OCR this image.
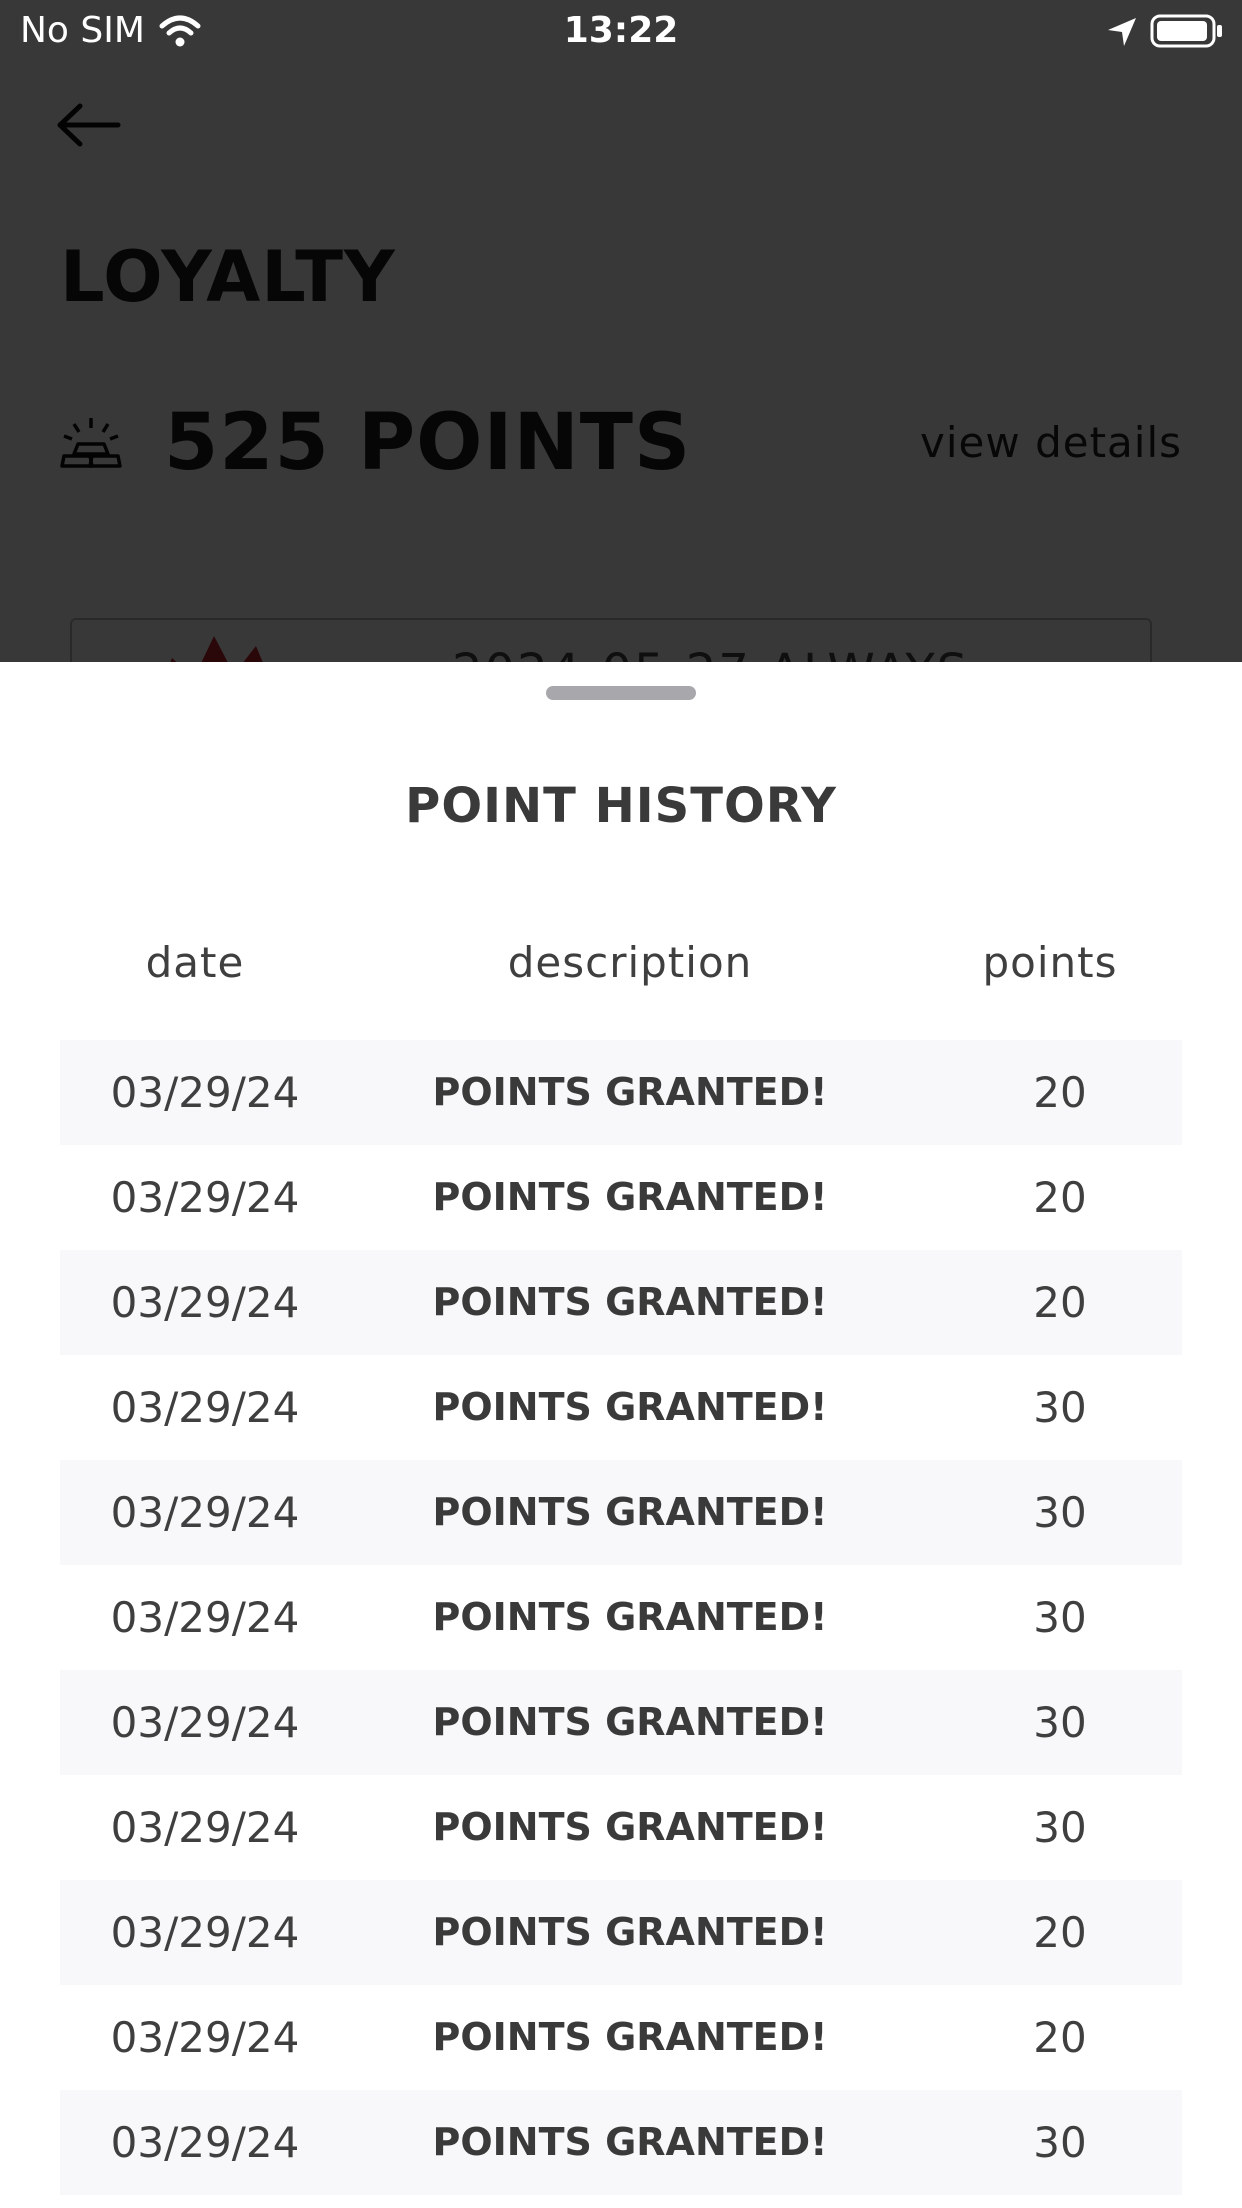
No SIM	13:22
POINT HISTORY
date	description	points
03/29/24	POINTS GRANTED!	20
03/29/24	POINTS GRANTED!	20
03/29/24	POINTS GRANTED!	20
03/29/24	POINTS GRANTED!	30
03/29/24	POINTS GRANTED!	30
03/29/24	POINTS GRANTED!	30
03/29/24	POINTS GRANTED!	30
03/29/24	POINTS GRANTED!	30
03/29/24	POINTS GRANTED!	20
03/29/24	POINTS GRANTED!	20
03/29/24	POINTS GRANTED!	30
